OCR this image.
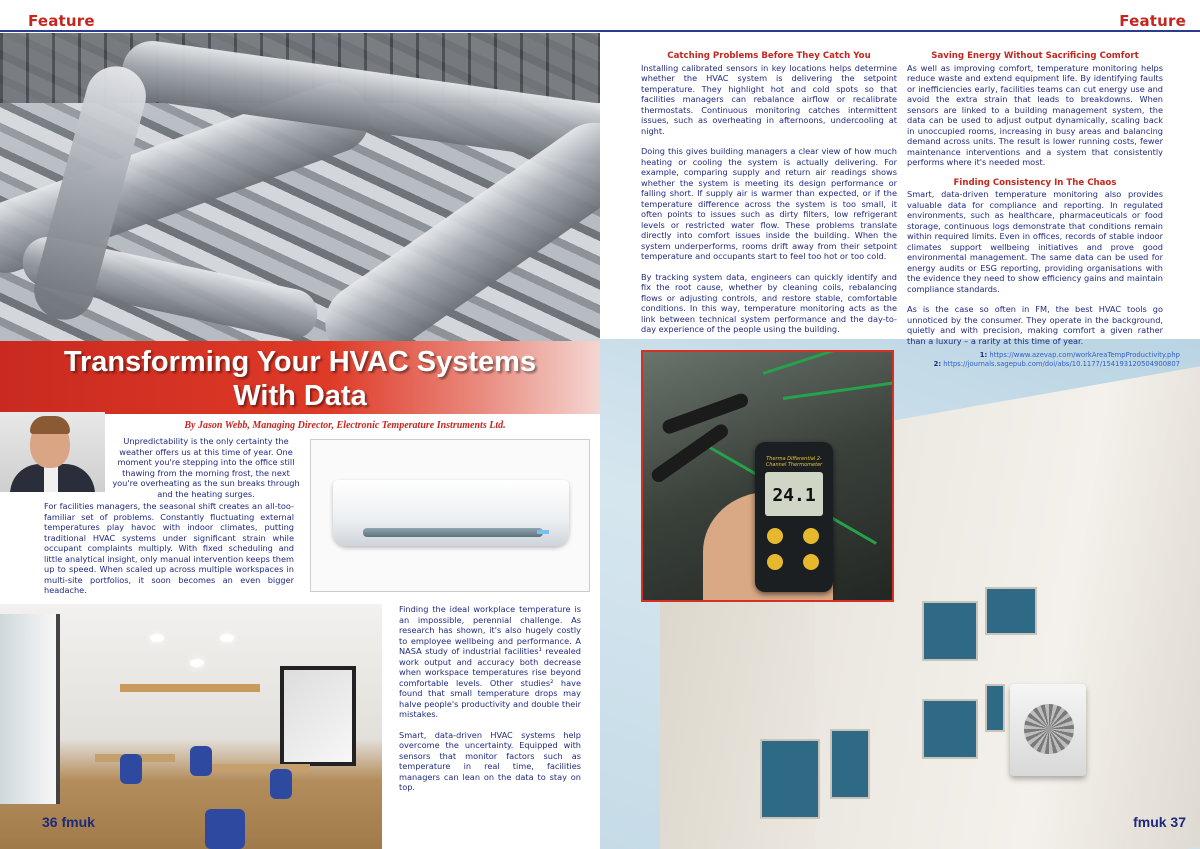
Feature
Transforming Your HVAC Systems
With Data
By Jason Webb, Managing Director, Electronic Temperature Instruments Ltd.
Unpredictability is the only certainty the weather offers us at this time of year. One moment you're stepping into the office still thawing from the morning frost, the next you're overheating as the sun breaks through and the heating surges.
For facilities managers, the seasonal shift creates an all-too-familiar set of problems. Constantly fluctuating external temperatures play havoc with indoor climates, putting traditional HVAC systems under significant strain while occupant complaints multiply. With fixed scheduling and little analytical insight, only manual intervention keeps them up to speed. When scaled up across multiple workspaces in multi-site portfolios, it soon becomes an even bigger headache.

Finding the ideal workplace temperature is an impossible, perennial challenge. As research has shown, it's also hugely costly to employee wellbeing and performance. A NASA study of industrial facilities¹ revealed work output and accuracy both decrease when workspace temperatures rise beyond comfortable levels. Other studies² have found that small temperature drops may halve people's productivity and double their mistakes.

Smart, data-driven HVAC systems help overcome the uncertainty. Equipped with sensors that monitor factors such as temperature in real time, facilities managers can lean on the data to stay on top.

36 fmuk
Feature
Therma Differential 2-Channel Thermometer
24.1
Catching Problems Before They Catch You

Installing calibrated sensors in key locations helps determine whether the HVAC system is delivering the setpoint temperature. They highlight hot and cold spots so that facilities managers can rebalance airflow or recalibrate thermostats. Continuous monitoring catches intermittent issues, such as overheating in afternoons, undercooling at night.

Doing this gives building managers a clear view of how much heating or cooling the system is actually delivering. For example, comparing supply and return air readings shows whether the system is meeting its design performance or falling short. If supply air is warmer than expected, or if the temperature difference across the system is too small, it often points to issues such as dirty filters, low refrigerant levels or restricted water flow. These problems translate directly into comfort issues inside the building. When the system underperforms, rooms drift away from their setpoint temperature and occupants start to feel too hot or too cold.

By tracking system data, engineers can quickly identify and fix the root cause, whether by cleaning coils, rebalancing flows or adjusting controls, and restore stable, comfortable conditions. In this way, temperature monitoring acts as the link between technical system performance and the day-to-day experience of the people using the building.

Saving Energy Without Sacrificing Comfort

As well as improving comfort, temperature monitoring helps reduce waste and extend equipment life. By identifying faults or inefficiencies early, facilities teams can cut energy use and avoid the extra strain that leads to breakdowns. When sensors are linked to a building management system, the data can be used to adjust output dynamically, scaling back in unoccupied rooms, increasing in busy areas and balancing demand across units. The result is lower running costs, fewer maintenance interventions and a system that consistently performs where it's needed most.

Finding Consistency In The Chaos

Smart, data-driven temperature monitoring also provides valuable data for compliance and reporting. In regulated environments, such as healthcare, pharmaceuticals or food storage, continuous logs demonstrate that conditions remain within required limits. Even in offices, records of stable indoor climates support wellbeing initiatives and prove good environmental management. The same data can be used for energy audits or ESG reporting, providing organisations with the evidence they need to show efficiency gains and maintain compliance standards.

As is the case so often in FM, the best HVAC tools go unnoticed by the consumer. They operate in the background, quietly and with precision, making comfort a given rather than a luxury – a rarity at this time of year.

1: https://www.azevap.com/workAreaTempProductivity.php
2: https://journals.sagepub.com/doi/abs/10.1177/154193120504900807
fmuk 37
